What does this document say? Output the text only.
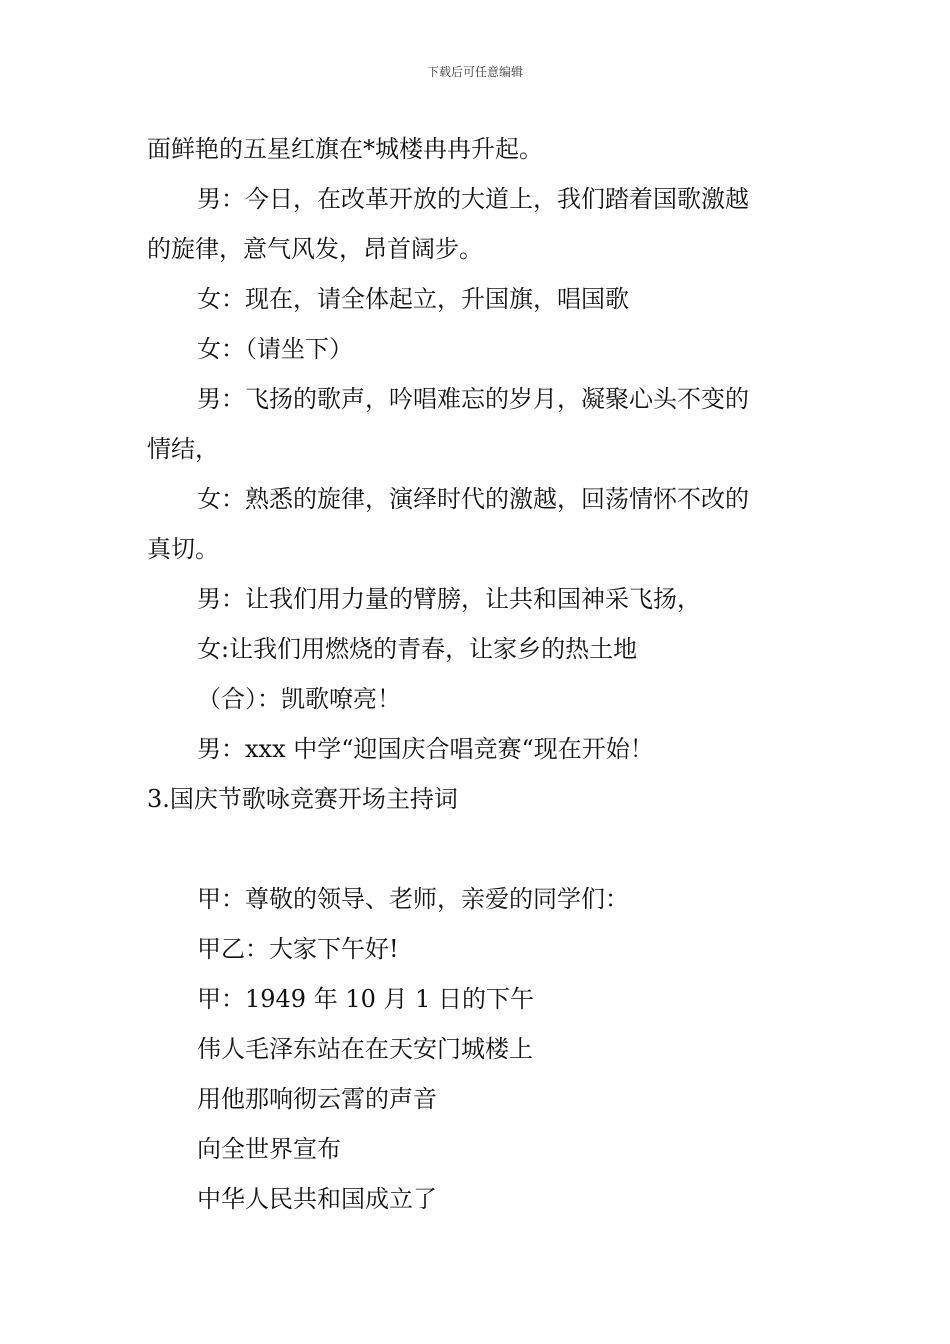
下载后可任意编辑
面鲜艳的五星红旗在*城楼冉冉升起。
男：今日，在改革开放的大道上，我们踏着国歌激越
的旋律，意气风发，昂首阔步。
女：现在，请全体起立，升国旗，唱国歌
女：（请坐下）
男：飞扬的歌声，吟唱难忘的岁月，凝聚心头不变的
情结，
女：熟悉的旋律，演绎时代的激越，回荡情怀不改的
真切。
男：让我们用力量的臂膀，让共和国神采飞扬，
女:让我们用燃烧的青春，让家乡的热土地
（合）：凯歌嘹亮！
男：xxx 中学“迎国庆合唱竞赛“现在开始！
3.国庆节歌咏竞赛开场主持词
甲：尊敬的领导、老师，亲爱的同学们：
甲乙：大家下午好!
甲：1949 年 10 月 1 日的下午
伟人毛泽东站在在天安门城楼上
用他那响彻云霄的声音
向全世界宣布
中华人民共和国成立了
